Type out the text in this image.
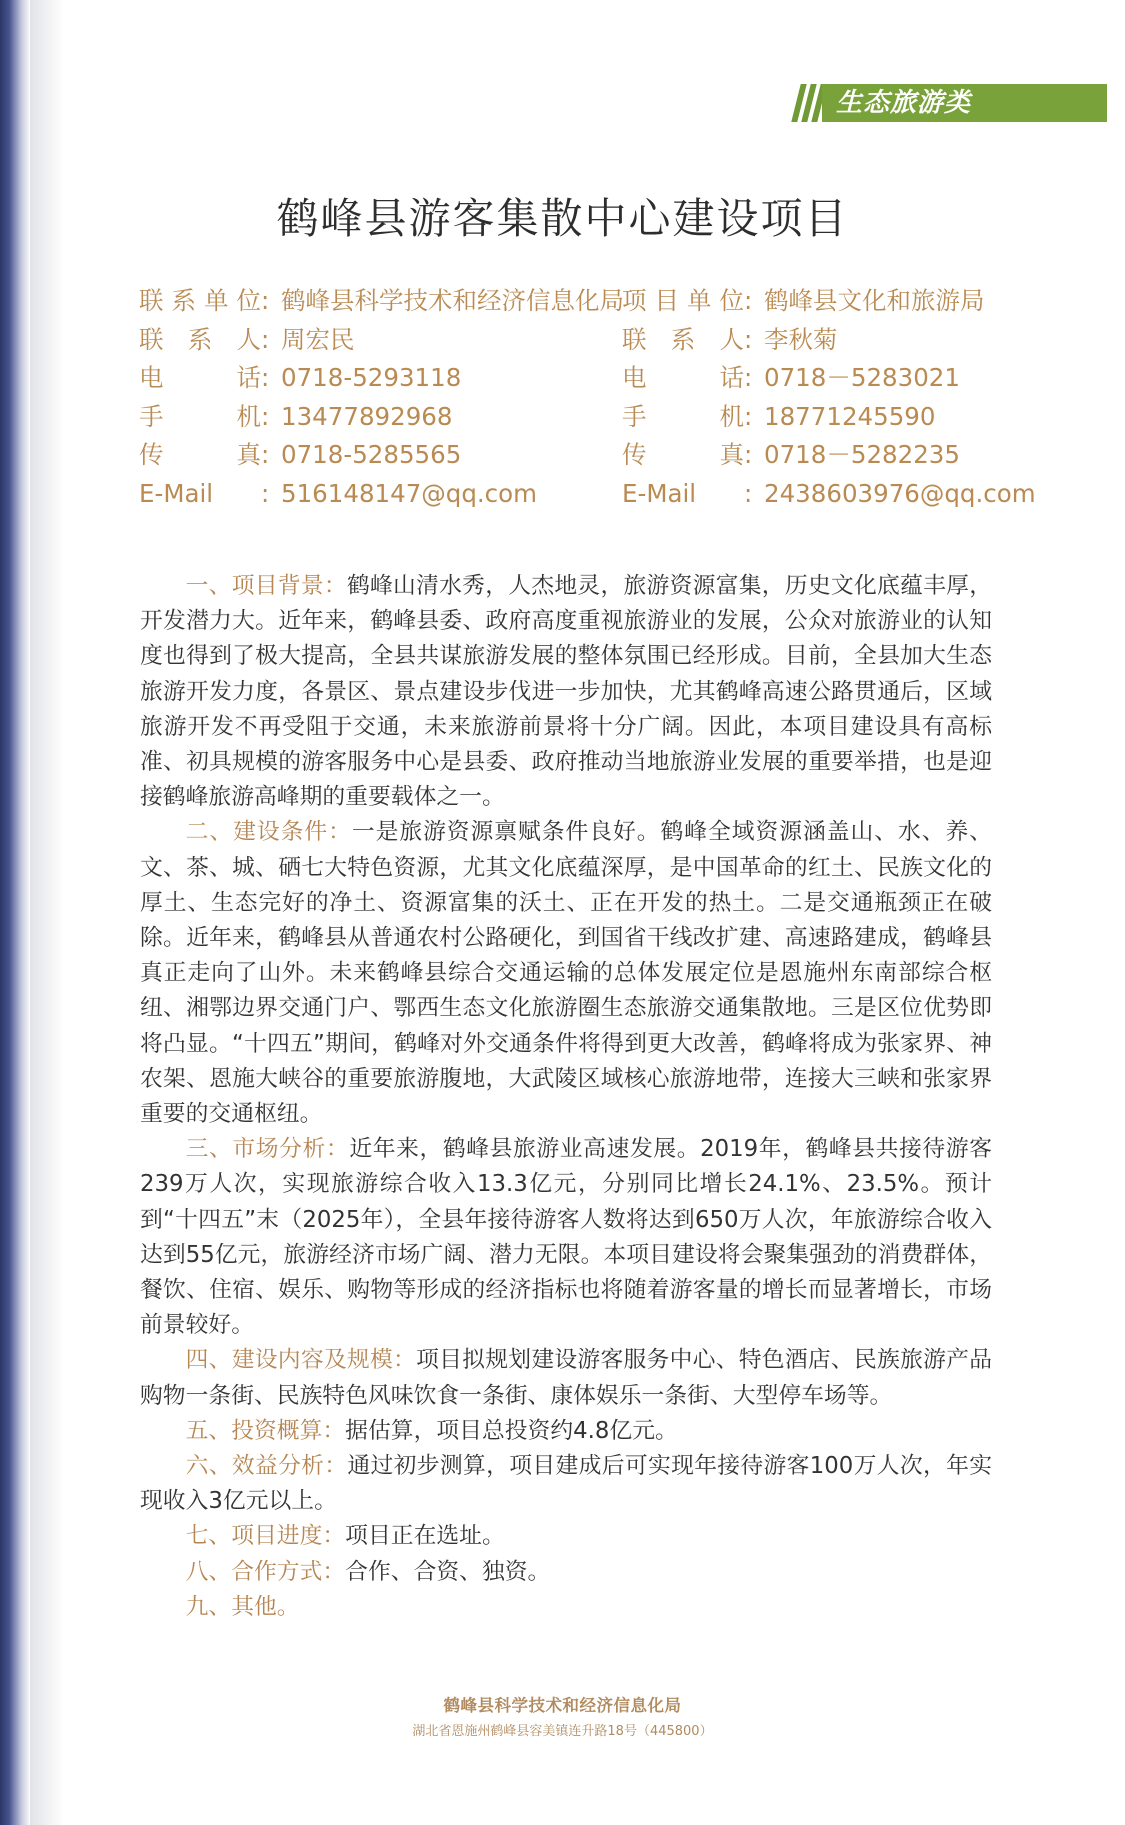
生态旅游类
鹤峰县游客集散中心建设项目
联系单位 : 鹤峰县科学技术和经济信息化局
联 系 人 : 周宏民
电 话 : 0718-5293118
手 机 : 13477892968
传 真 : 0718-5285565
E-Mail	: 516148147@qq.com
项目单位 : 鹤峰县文化和旅游局
联 系 人 : 李秋菊
电 话 : 0718－5283021
手 机 : 18771245590
传 真 : 0718－5282235
E-Mail	: 2438603976@qq.com

一、项目背景：鹤峰山清水秀，人杰地灵，旅游资源富集，历史文化底蕴丰厚，开发潜力大。近年来，鹤峰县委、政府高度重视旅游业的发展，公众对旅游业的认知度也得到了极大提高，全县共谋旅游发展的整体氛围已经形成。目前，全县加大生态旅游开发力度，各景区、景点建设步伐进一步加快，尤其鹤峰高速公路贯通后，区域旅游开发不再受阻于交通，未来旅游前景将十分广阔。因此，本项目建设具有高标准、初具规模的游客服务中心是县委、政府推动当地旅游业发展的重要举措，也是迎接鹤峰旅游高峰期的重要载体之一。

二、建设条件：一是旅游资源禀赋条件良好。鹤峰全域资源涵盖山、水、养、文、茶、城、硒七大特色资源，尤其文化底蕴深厚，是中国革命的红土、民族文化的厚土、生态完好的净土、资源富集的沃土、正在开发的热土。二是交通瓶颈正在破除。近年来，鹤峰县从普通农村公路硬化，到国省干线改扩建、高速路建成，鹤峰县真正走向了山外。未来鹤峰县综合交通运输的总体发展定位是恩施州东南部综合枢纽、湘鄂边界交通门户、鄂西生态文化旅游圈生态旅游交通集散地。三是区位优势即将凸显。“十四五”期间，鹤峰对外交通条件将得到更大改善，鹤峰将成为张家界、神农架、恩施大峡谷的重要旅游腹地，大武陵区域核心旅游地带，连接大三峡和张家界重要的交通枢纽。

三、市场分析：近年来，鹤峰县旅游业高速发展。2019年，鹤峰县共接待游客239万人次，实现旅游综合收入13.3亿元，分别同比增长24.1%、23.5%。预计到“十四五”末（2025年），全县年接待游客人数将达到650万人次，年旅游综合收入达到55亿元，旅游经济市场广阔、潜力无限。本项目建设将会聚集强劲的消费群体，餐饮、住宿、娱乐、购物等形成的经济指标也将随着游客量的增长而显著增长，市场前景较好。

四、建设内容及规模：项目拟规划建设游客服务中心、特色酒店、民族旅游产品购物一条街、民族特色风味饮食一条街、康体娱乐一条街、大型停车场等。

五、投资概算：据估算，项目总投资约4.8亿元。

六、效益分析：通过初步测算，项目建成后可实现年接待游客100万人次，年实现收入3亿元以上。

七、项目进度：项目正在选址。

八、合作方式：合作、合资、独资。

九、其他。

鹤峰县科学技术和经济信息化局
湖北省恩施州鹤峰县容美镇连升路18号（445800）
